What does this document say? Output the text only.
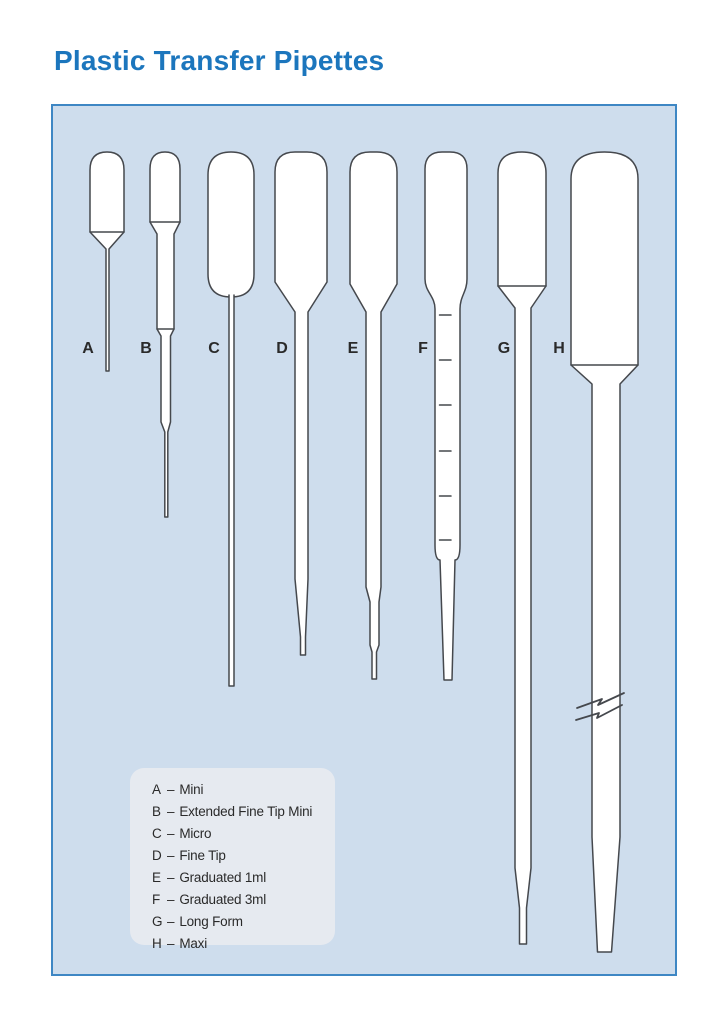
Plastic Transfer Pipettes
A	B	C	D	E	F	G	H
A – Mini
B – Extended Fine Tip Mini
C – Micro
D – Fine Tip
E – Graduated 1ml
F – Graduated 3ml
G – Long Form
H – Maxi
